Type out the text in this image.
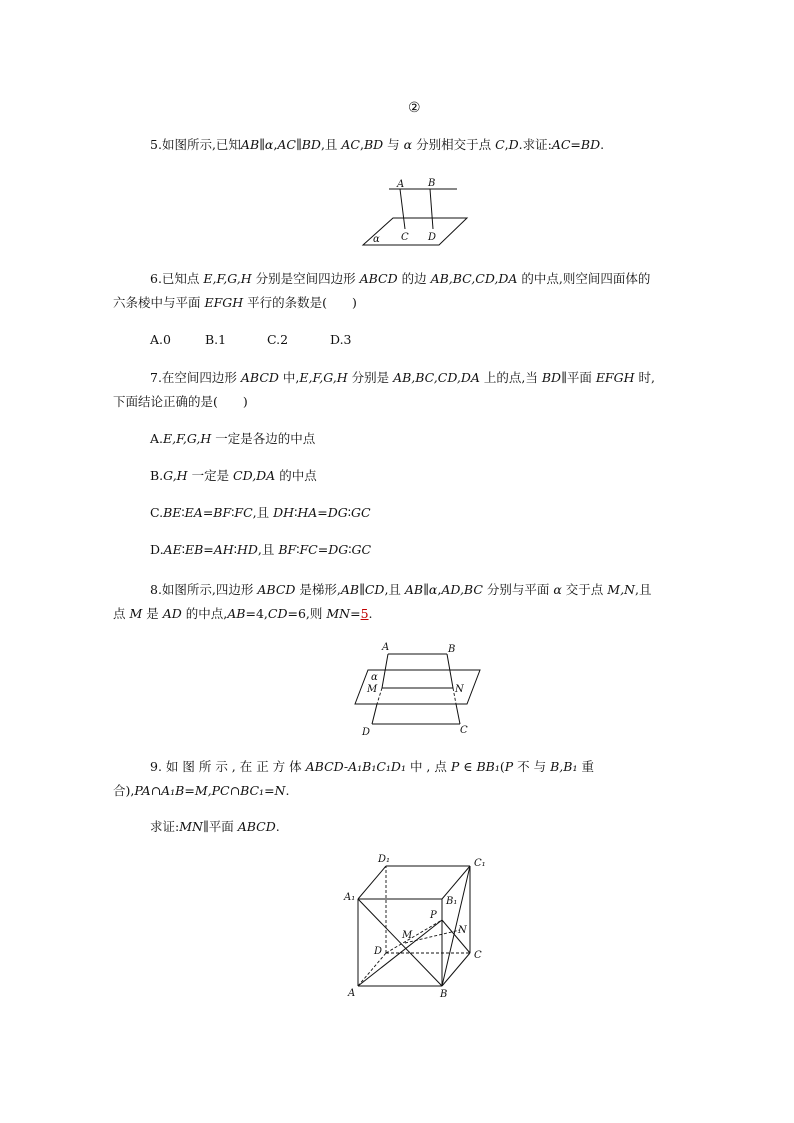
②
5.如图所示,已知AB∥α,AC∥BD,且 AC,BD 与 α 分别相交于点 C,D.求证:AC=BD.
A B
C D
α
6.已知点 E,F,G,H 分别是空间四边形 ABCD 的边 AB,BC,CD,DA 的中点,则空间四面体的
六条棱中与平面 EFGH 平行的条数是(　　)
A.0	B.1	C.2	D.3
7.在空间四边形 ABCD 中,E,F,G,H 分别是 AB,BC,CD,DA 上的点,当 BD∥平面 EFGH 时,
下面结论正确的是(　　)
A.E,F,G,H 一定是各边的中点
B.G,H 一定是 CD,DA 的中点
C.BE∶EA=BF∶FC,且 DH∶HA=DG∶GC
D.AE∶EB=AH∶HD,且 BF∶FC=DG∶GC
8.如图所示,四边形 ABCD 是梯形,AB∥CD,且 AB∥α,AD,BC 分别与平面 α 交于点 M,N,且
点 M 是 AD 的中点,AB=4,CD=6,则 MN=5.
A	B
C
D
M	N
α
9. 如 图 所 示 , 在 正 方 体 ABCD-A₁B₁C₁D₁ 中 , 点 P ∈ BB₁(P 不 与 B,B₁ 重
合),PA∩A₁B=M,PC∩BC₁=N.
求证:MN∥平面 ABCD.
A	B
C
D
A₁	B₁
C₁
D₁
M	N
P
